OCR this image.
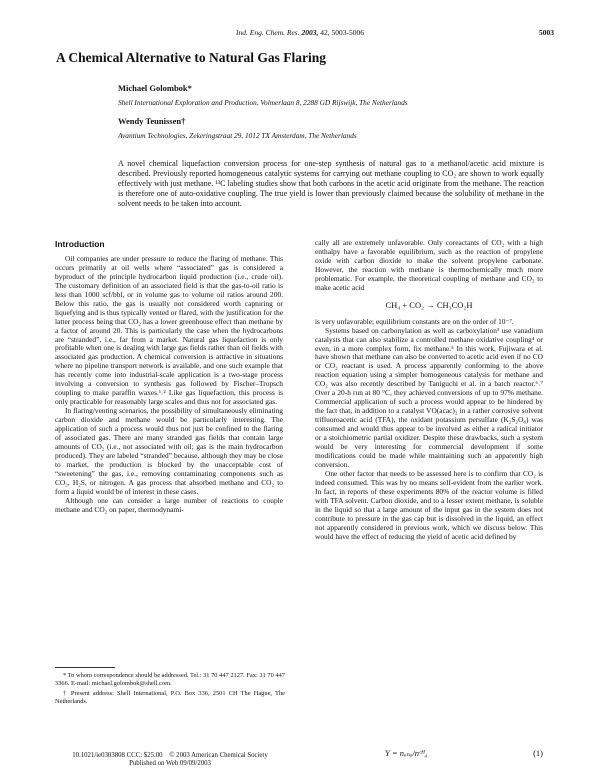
Ind. Eng. Chem. Res. 2003, 42, 5003-5006	5003
A Chemical Alternative to Natural Gas Flaring
Michael Golombok*
Shell International Exploration and Production, Volmerlaan 8, 2288 GD Rijswijk, The Netherlands
Wendy Teunissen†
Avantium Technologies, Zekeringstraat 29, 1012 TX Amsterdam, The Netherlands
A novel chemical liquefaction conversion process for one-step synthesis of natural gas to a methanol/acetic acid mixture is described. Previously reported homogeneous catalytic systems for carrying out methane coupling to CO₂ are shown to work equally effectively with just methane. ¹³C labeling studies show that both carbons in the acetic acid originate from the methane. The reaction is therefore one of auto-oxidative coupling. The true yield is lower than previously claimed because the solubility of methane in the solvent needs to be taken into account.
Introduction

Oil companies are under pressure to reduce the flaring of methane. This occurs primarily at oil wells where “associated” gas is considered a byproduct of the principle hydrocarbon liquid production (i.e., crude oil). The customary definition of an associated field is that the gas-to-oil ratio is less than 1000 scf/bbl, or in volume gas to volume oil ratios around 200. Below this ratio, the gas is usually not considered worth capturing or liquefying and is thus typically vented or flared, with the justification for the latter process being that CO₂ has a lower greenhouse effect than methane by a factor of around 20. This is particularly the case when the hydrocarbons are “stranded”, i.e., far from a market. Natural gas liquefaction is only profitable when one is dealing with large gas fields rather than oil fields with associated gas production. A chemical conversion is attractive in situations where no pipeline transport network is available, and one such example that has recently come into industrial-scale application is a two-stage process involving a conversion to synthesis gas followed by Fischer–Tropsch coupling to make paraffin waxes.¹˒² Like gas liquefaction, this process is only practicable for reasonably large scales and thus not for associated gas.

In flaring/venting scenarios, the possibility of simultaneously eliminating carbon dioxide and methane would be particularly interesting. The application of such a process would thus not just be confined to the flaring of associated gas. There are many stranded gas fields that contain large amounts of CO₂ (i.e., not associated with oil; gas is the main hydrocarbon produced). They are labeled “stranded” because, although they may be close to market, the production is blocked by the unacceptable cost of “sweetening” the gas, i.e., removing contaminating components such as CO₂, H₂S, or nitrogen. A gas process that absorbed methane and CO₂ to form a liquid would be of interest in these cases.

Although one can consider a large number of reactions to couple methane and CO₂ on paper, thermodynami-

cally all are extremely unfavorable. Only coreactants of CO₂ with a high enthalpy have a favorable equilibrium, such as the reaction of propylene oxide with carbon dioxide to make the solvent propylene carbonate. However, the reaction with methane is thermochemically much more problematic. For example, the theoretical coupling of methane and CO₂ to make acetic acid

CH₄ + CO₂ → CH₃CO₂H

is very unfavorable; equilibrium constants are on the order of 10⁻⁷.

Systems based on carbonylation as well as carboxylation³ use vanadium catalysts that can also stabilize a controlled methane oxidative coupling⁴ or even, in a more complex form, fix methane.⁵ In this work, Fujiwara et al. have shown that methane can also be converted to acetic acid even if no CO or CO₂ reactant is used. A process apparently conforming to the above reaction equation using a simpler homogeneous catalysis for methane and CO₂ was also recently described by Taniguchi et al. in a batch reactor.⁶˒⁷ Over a 20-h run at 80 °C, they achieved conversions of up to 97% methane. Commercial application of such a process would appear to be hindered by the fact that, in addition to a catalyst VO(acac)₂ in a rather corrosive solvent trifluoroacetic acid (TFA), the oxidant potassium persulfate (K₂S₂O₈) was consumed and would thus appear to be involved as either a radical initiator or a stoichiometric partial oxidizer. Despite these drawbacks, such a system would be very interesting for commercial development if some modifications could be made while maintaining such an apparently high conversion.

One other factor that needs to be assessed here is to confirm that CO₂ is indeed consumed. This was by no means self-evident from the earlier work. In fact, in reports of these experiments 80% of the reactor volume is filled with TFA solvent. Carbon dioxide, and to a lesser extent methane, is soluble in the liquid so that a large amount of the input gas in the system does not contribute to pressure in the gas cap but is dissolved in the liquid, an effect not apparently considered in previous work, which we discuss below. This would have the effect of reducing the yield of acetic acid defined by

* To whom correspondence should be addressed. Tel.: 31 70 447 2127. Fax: 31 70 447 3366. E-mail: michael.golombok@shell.com.

† Present address: Shell International, P.O. Box 336, 2501 CH The Hague, The Netherlands.

Y = nₐₙₐ/nᶜᴴ₄	(1)
10.1021/ie0303808 CCC: $25.00 © 2003 American Chemical Society
Published on Web 09/09/2003
